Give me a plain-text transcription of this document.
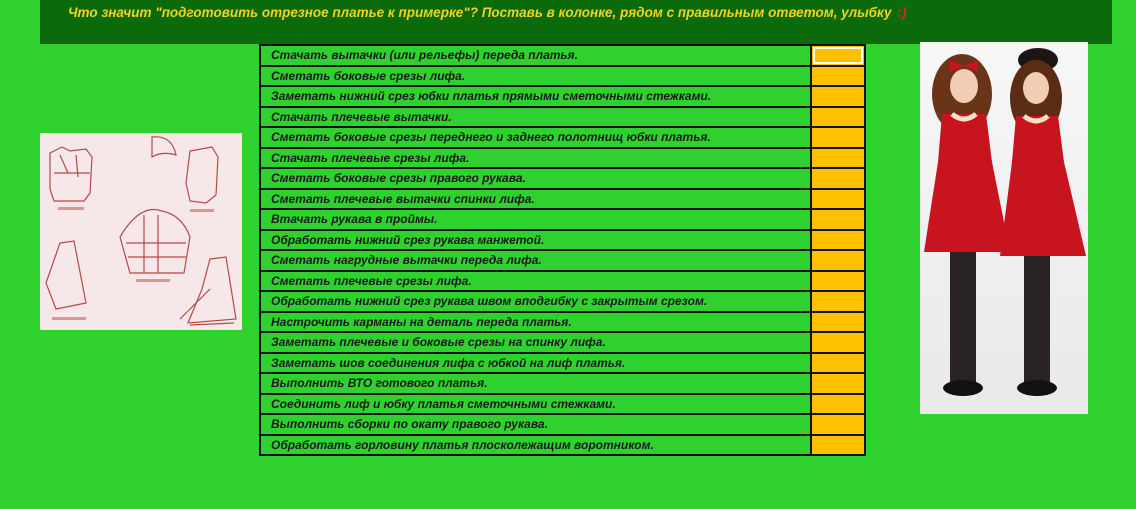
Что значит "подготовить отрезное платье к примерке"? Поставь в колонке, рядом с правильным ответом, улыбку :)
Стачать вытачки (или рельефы) переда платья.	
Сметать боковые срезы лифа.	
Заметать нижний срез юбки платья прямыми сметочными стежками.	
Стачать плечевые вытачки.	
Сметать боковые срезы переднего и заднего полотнищ юбки платья.	
Стачать плечевые срезы лифа.	
Сметать боковые срезы правого рукава.	
Сметать плечевые вытачки спинки лифа.	
Втачать рукава в проймы.	
Обработать нижний срез рукава манжетой.	
Сметать нагрудные вытачки переда лифа.	
Сметать плечевые срезы лифа.	
Обработать нижний срез рукава швом вподгибку с закрытым срезом.	
Настрочить карманы на деталь переда платья.	
Заметать плечевые и боковые срезы на спинку лифа.	
Заметать шов соединения лифа с юбкой на лиф платья.	
Выполнить ВТО готового платья.	
Соединить лиф и юбку платья сметочными стежками.	
Выполнить сборки по окату правого рукава.	
Обработать горловину платья плосколежащим воротником.	
